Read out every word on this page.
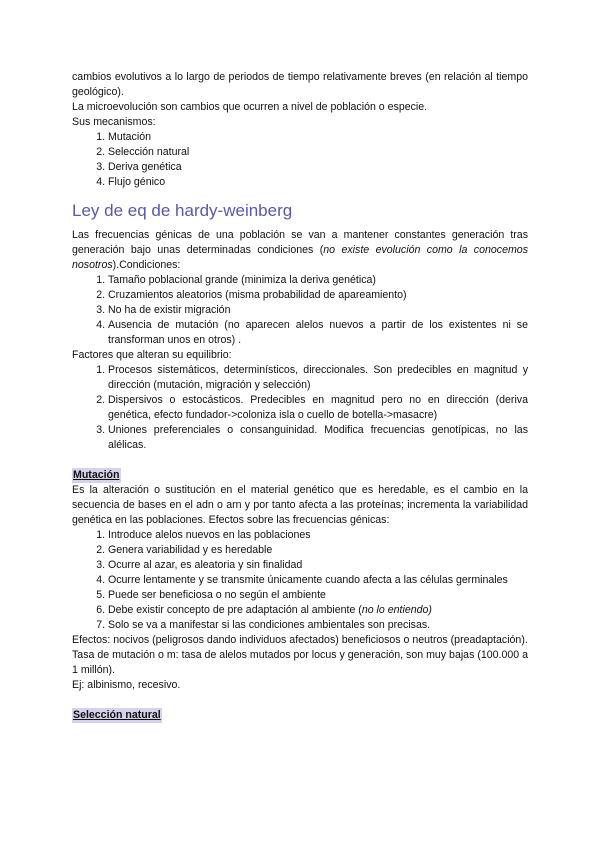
cambios evolutivos a lo largo de periodos de tiempo relativamente breves (en relación al tiempo geológico).

La microevolución son cambios que ocurren a nivel de población o especie.

Sus mecanismos:

1. Mutación
2. Selección natural
3. Deriva genética
4. Flujo génico
Ley de eq de hardy-weinberg

Las frecuencias génicas de una población se van a mantener constantes generación tras generación bajo unas determinadas condiciones (no existe evolución como la conocemos nosotros).Condiciones:

1. Tamaño poblacional grande (minimiza la deriva genética)
2. Cruzamientos aleatorios (misma probabilidad de apareamiento)
3. No ha de existir migración
4. Ausencia de mutación (no aparecen alelos nuevos a partir de los existentes ni se transforman unos en otros) .

Factores que alteran su equilibrio:

1. Procesos sistemáticos, determinísticos, direccionales. Son predecibles en magnitud y dirección (mutación, migración y selección)
2. Dispersivos o estocásticos. Predecibles en magnitud pero no en dirección (deriva genética, efecto fundador->coloniza isla o cuello de botella->masacre)
3. Uniones preferenciales o consanguinidad. Modifica frecuencias genotípicas, no las alélicas.
Mutación

Es la alteración o sustitución en el material genético que es heredable, es el cambio en la secuencia de bases en el adn o arn y por tanto afecta a las proteínas; incrementa la variabilidad genética en las poblaciones. Efectos sobre las frecuencias génicas:

1. Introduce alelos nuevos en las poblaciones
2. Genera variabilidad y es heredable
3. Ocurre al azar, es aleatoria y sin finalidad
4. Ocurre lentamente y se transmite únicamente cuando afecta a las células germinales
5. Puede ser beneficiosa o no según el ambiente
6. Debe existir concepto de pre adaptación al ambiente (no lo entiendo)
7. Solo se va a manifestar si las condiciones ambientales son precisas.

Efectos: nocivos (peligrosos dando individuos afectados) beneficiosos o neutros (preadaptación).

Tasa de mutación o m: tasa de alelos mutados por locus y generación, son muy bajas (100.000 a 1 millón).

Ej: albinismo, recesivo.

Selección natural
